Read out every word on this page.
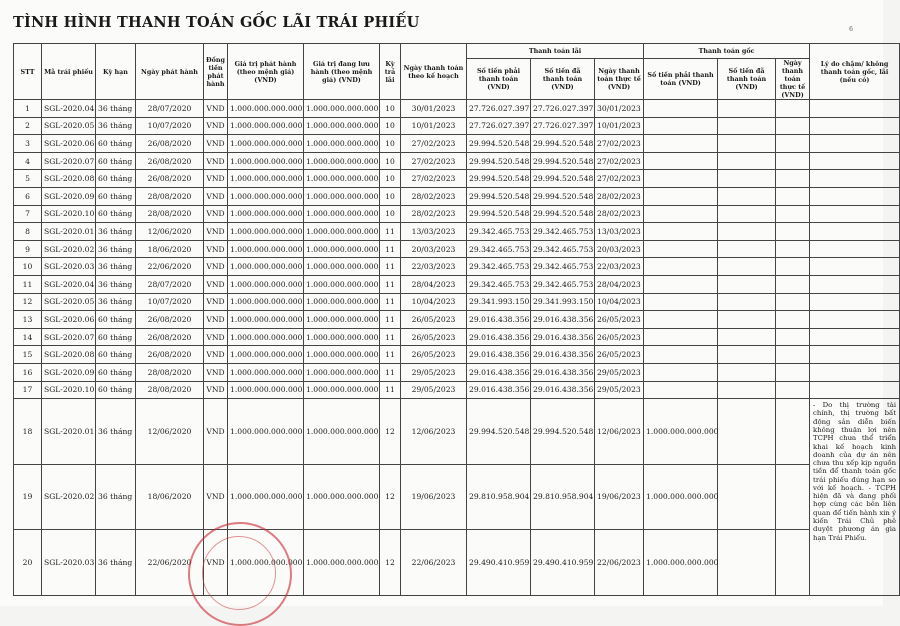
TÌNH HÌNH THANH TOÁN GỐC LÃI TRÁI PHIẾU	6
STT	Mã trái phiếu	Kỳ hạn	Ngày phát hành	Đồng tiền phát hành	Giá trị phát hành (theo mệnh giá) (VND)	Giá trị đang lưu hành (theo mệnh giá) (VND)	Kỳ trả lãi	Ngày thanh toán theo kế hoạch	Thanh toán lãi			Thanh toán gốc			Lý do chậm/ không thanh toán gốc, lãi (nếu có)
									Số tiền phải thanh toán (VND)	Số tiền đã thanh toán (VND)	Ngày thanh toán thực tế (VND)	Số tiền phải thanh toán (VND)	Số tiền đã thanh toán (VND)	Ngày thanh toán thực tế (VND)	
1	SGL-2020.04	36 tháng	28/07/2020	VND	1.000.000.000.000	1.000.000.000.000	10	30/01/2023	27.726.027.397	27.726.027.397	30/01/2023				
2	SGL-2020.05	36 tháng	10/07/2020	VND	1.000.000.000.000	1.000.000.000.000	10	10/01/2023	27.726.027.397	27.726.027.397	10/01/2023				
3	SGL-2020.06	60 tháng	26/08/2020	VND	1.000.000.000.000	1.000.000.000.000	10	27/02/2023	29.994.520.548	29.994.520.548	27/02/2023				
4	SGL-2020.07	60 tháng	26/08/2020	VND	1.000.000.000.000	1.000.000.000.000	10	27/02/2023	29.994.520.548	29.994.520.548	27/02/2023				
5	SGL-2020.08	60 tháng	26/08/2020	VND	1.000.000.000.000	1.000.000.000.000	10	27/02/2023	29.994.520.548	29.994.520.548	27/02/2023				
6	SGL-2020.09	60 tháng	28/08/2020	VND	1.000.000.000.000	1.000.000.000.000	10	28/02/2023	29.994.520.548	29.994.520.548	28/02/2023				
7	SGL-2020.10	60 tháng	28/08/2020	VND	1.000.000.000.000	1.000.000.000.000	10	28/02/2023	29.994.520.548	29.994.520.548	28/02/2023				
8	SGL-2020.01	36 tháng	12/06/2020	VND	1.000.000.000.000	1.000.000.000.000	11	13/03/2023	29.342.465.753	29.342.465.753	13/03/2023				
9	SGL-2020.02	36 tháng	18/06/2020	VND	1.000.000.000.000	1.000.000.000.000	11	20/03/2023	29.342.465.753	29.342.465.753	20/03/2023				
10	SGL-2020.03	36 tháng	22/06/2020	VND	1.000.000.000.000	1.000.000.000.000	11	22/03/2023	29.342.465.753	29.342.465.753	22/03/2023				
11	SGL-2020.04	36 tháng	28/07/2020	VND	1.000.000.000.000	1.000.000.000.000	11	28/04/2023	29.342.465.753	29.342.465.753	28/04/2023				
12	SGL-2020.05	36 tháng	10/07/2020	VND	1.000.000.000.000	1.000.000.000.000	11	10/04/2023	29.341.993.150	29.341.993.150	10/04/2023				
13	SGL-2020.06	60 tháng	26/08/2020	VND	1.000.000.000.000	1.000.000.000.000	11	26/05/2023	29.016.438.356	29.016.438.356	26/05/2023				
14	SGL-2020.07	60 tháng	26/08/2020	VND	1.000.000.000.000	1.000.000.000.000	11	26/05/2023	29.016.438.356	29.016.438.356	26/05/2023				
15	SGL-2020.08	60 tháng	26/08/2020	VND	1.000.000.000.000	1.000.000.000.000	11	26/05/2023	29.016.438.356	29.016.438.356	26/05/2023				
16	SGL-2020.09	60 tháng	28/08/2020	VND	1.000.000.000.000	1.000.000.000.000	11	29/05/2023	29.016.438.356	29.016.438.356	29/05/2023				
17	SGL-2020.10	60 tháng	28/08/2020	VND	1.000.000.000.000	1.000.000.000.000	11	29/05/2023	29.016.438.356	29.016.438.356	29/05/2023				
18	SGL-2020.01	36 tháng	12/06/2020	VND	1.000.000.000.000	1.000.000.000.000	12	12/06/2023	29.994.520.548	29.994.520.548	12/06/2023	1.000.000.000.000			- Do thị trường tài chính, thị trường bất động sản diễn biến không thuận lợi nên TCPH chưa thể triển khai kế hoạch kinh doanh của dự án nên chưa thu xếp kịp nguồn tiền để thanh toán gốc trái phiếu đúng hạn so với kế hoạch. - TCPH hiện đã và đang phối hợp cùng các bên liên quan để tiến hành xin ý kiến Trái Chủ phê duyệt phương án gia hạn Trái Phiếu.
19	SGL-2020.02	36 tháng	18/06/2020	VND	1.000.000.000.000	1.000.000.000.000	12	19/06/2023	29.810.958.904	29.810.958.904	19/06/2023	1.000.000.000.000			
20	SGL-2020.03	36 tháng	22/06/2020	VND	1.000.000.000.000	1.000.000.000.000	12	22/06/2023	29.490.410.959	29.490.410.959	22/06/2023	1.000.000.000.000			
